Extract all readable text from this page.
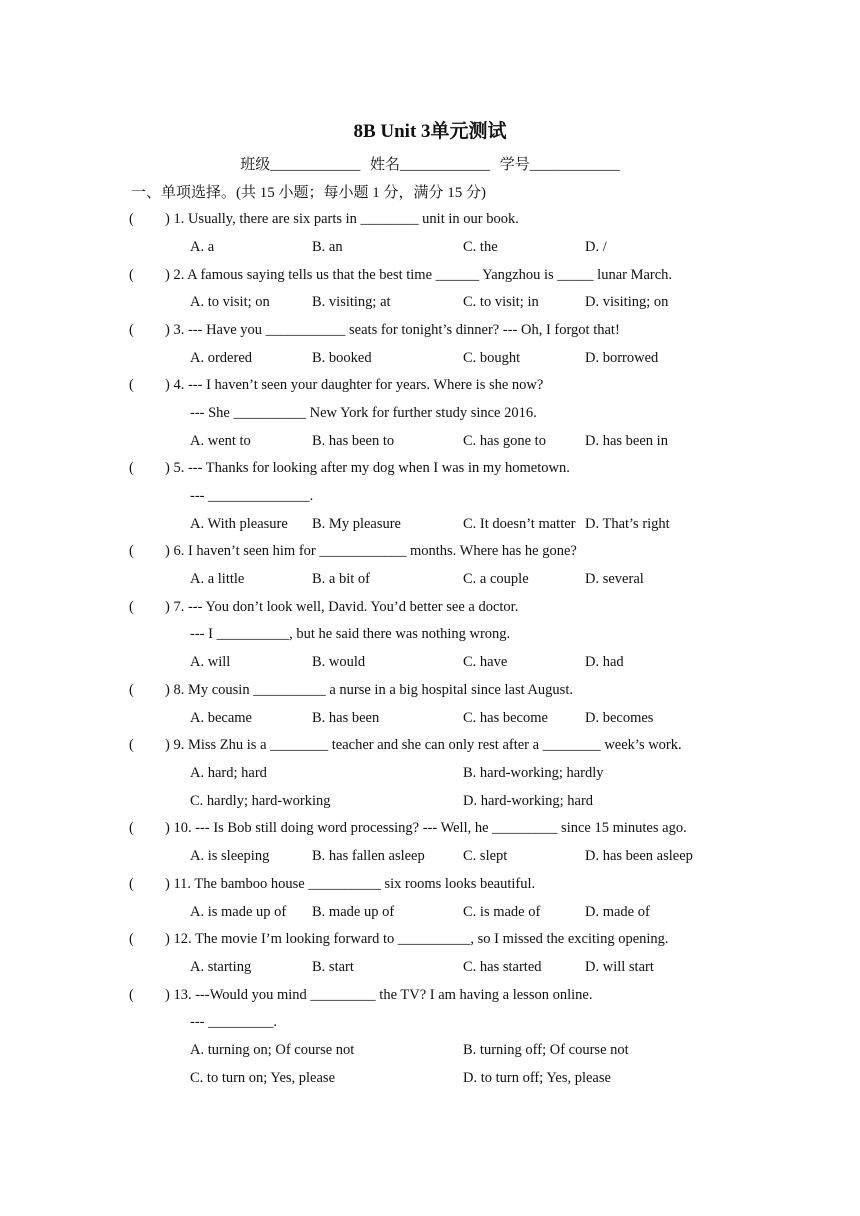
8B Unit 3单元测试
班级____________ 姓名____________ 学号____________
一、单项选择。(共 15 小题；每小题 1 分，满分 15 分)
( ) 1. Usually, there are six parts in ________ unit in our book.
A. a	B. an	C. the	D. /
( ) 2. A famous saying tells us that the best time ______ Yangzhou is _____ lunar March.
A. to visit; on	B. visiting; at	C. to visit; in	D. visiting; on
( ) 3. --- Have you ___________ seats for tonight’s dinner? --- Oh, I forgot that!
A. ordered	B. booked	C. bought	D. borrowed
( ) 4. --- I haven’t seen your daughter for years. Where is she now?
--- She __________ New York for further study since 2016.
A. went to	B. has been to	C. has gone to	D. has been in
( ) 5. --- Thanks for looking after my dog when I was in my hometown.
--- ______________.
A. With pleasure B. My pleasure	C. It doesn’t matter D. That’s right
( ) 6. I haven’t seen him for ____________ months. Where has he gone?
A. a little	B. a bit of	C. a couple	D. several
( ) 7. --- You don’t look well, David. You’d better see a doctor.
--- I __________, but he said there was nothing wrong.
A. will	B. would	C. have	D. had
( ) 8. My cousin __________ a nurse in a big hospital since last August.
A. became	B. has been	C. has become	D. becomes
( ) 9. Miss Zhu is a ________ teacher and she can only rest after a ________ week’s work.
A. hard; hard	B. hard-working; hardly
C. hardly; hard-working	D. hard-working; hard
( ) 10. --- Is Bob still doing word processing? --- Well, he _________ since 15 minutes ago.
A. is sleeping	B. has fallen asleep	C. slept	D. has been asleep
( ) 11. The bamboo house __________ six rooms looks beautiful.
A. is made up of B. made up of	C. is made of	D. made of
( ) 12. The movie I’m looking forward to __________, so I missed the exciting opening.
A. starting	B. start	C. has started	D. will start
( ) 13. ---Would you mind _________ the TV? I am having a lesson online.
--- _________.
A. turning on; Of course not	B. turning off; Of course not
C. to turn on; Yes, please	D. to turn off; Yes, please
